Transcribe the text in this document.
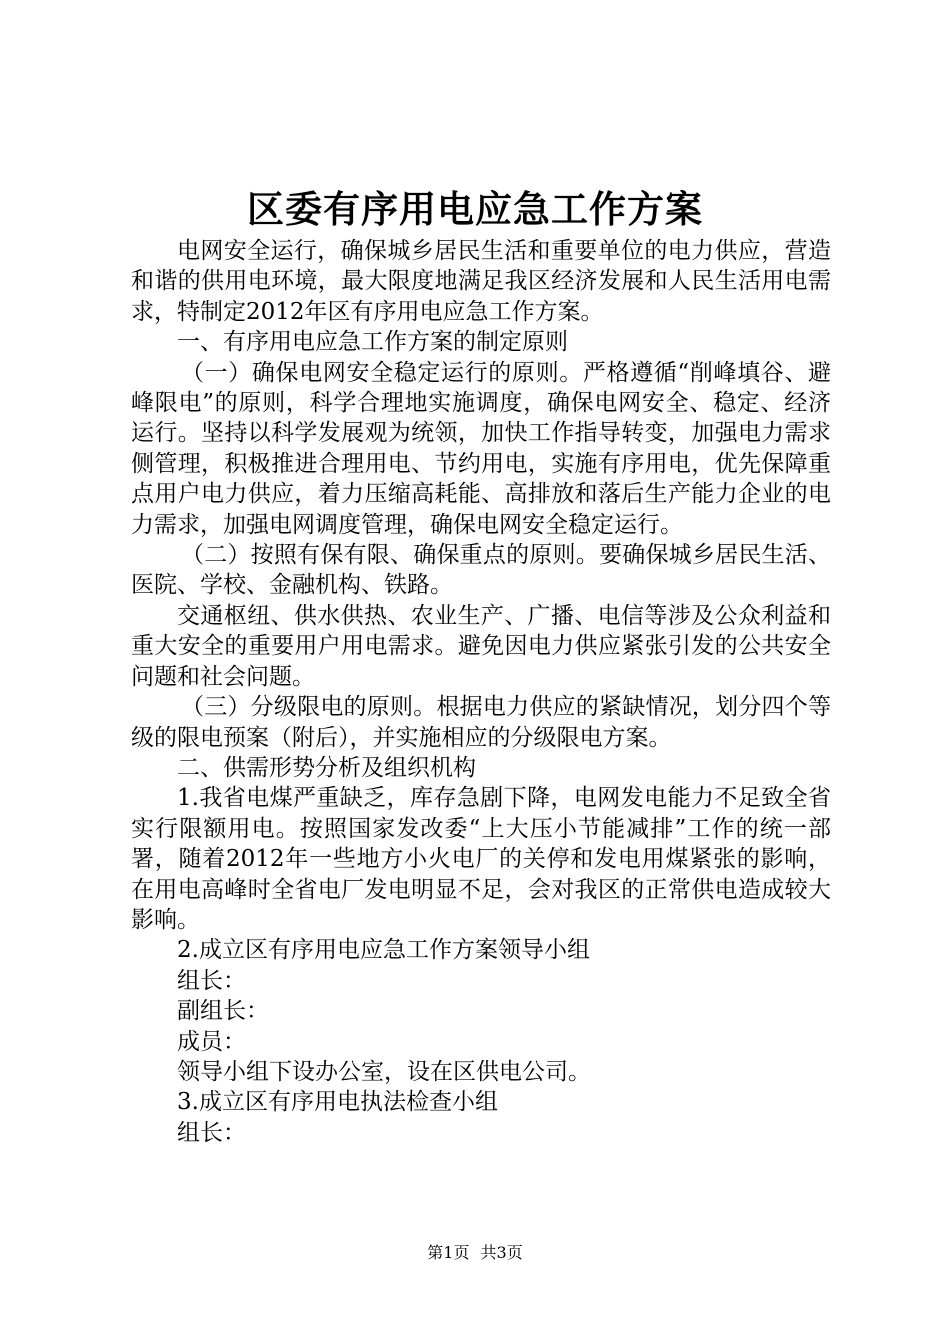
区委有序用电应急工作方案

电网安全运行，确保城乡居民生活和重要单位的电力供应，营造和谐的供用电环境，最大限度地满足我区经济发展和人民生活用电需求，特制定2012年区有序用电应急工作方案。

一、有序用电应急工作方案的制定原则

（一）确保电网安全稳定运行的原则。严格遵循“削峰填谷、避峰限电”的原则，科学合理地实施调度，确保电网安全、稳定、经济运行。坚持以科学发展观为统领，加快工作指导转变，加强电力需求侧管理，积极推进合理用电、节约用电，实施有序用电，优先保障重点用户电力供应，着力压缩高耗能、高排放和落后生产能力企业的电力需求，加强电网调度管理，确保电网安全稳定运行。

（二）按照有保有限、确保重点的原则。要确保城乡居民生活、医院、学校、金融机构、铁路。

交通枢纽、供水供热、农业生产、广播、电信等涉及公众利益和重大安全的重要用户用电需求。避免因电力供应紧张引发的公共安全问题和社会问题。

（三）分级限电的原则。根据电力供应的紧缺情况，划分四个等级的限电预案（附后），并实施相应的分级限电方案。

二、供需形势分析及组织机构

1.我省电煤严重缺乏，库存急剧下降，电网发电能力不足致全省实行限额用电。按照国家发改委“上大压小节能减排”工作的统一部署，随着2012年一些地方小火电厂的关停和发电用煤紧张的影响，在用电高峰时全省电厂发电明显不足，会对我区的正常供电造成较大影响。

2.成立区有序用电应急工作方案领导小组

组长：

副组长：

成员：

领导小组下设办公室，设在区供电公司。

3.成立区有序用电执法检查小组

组长：

第1页 共3页
